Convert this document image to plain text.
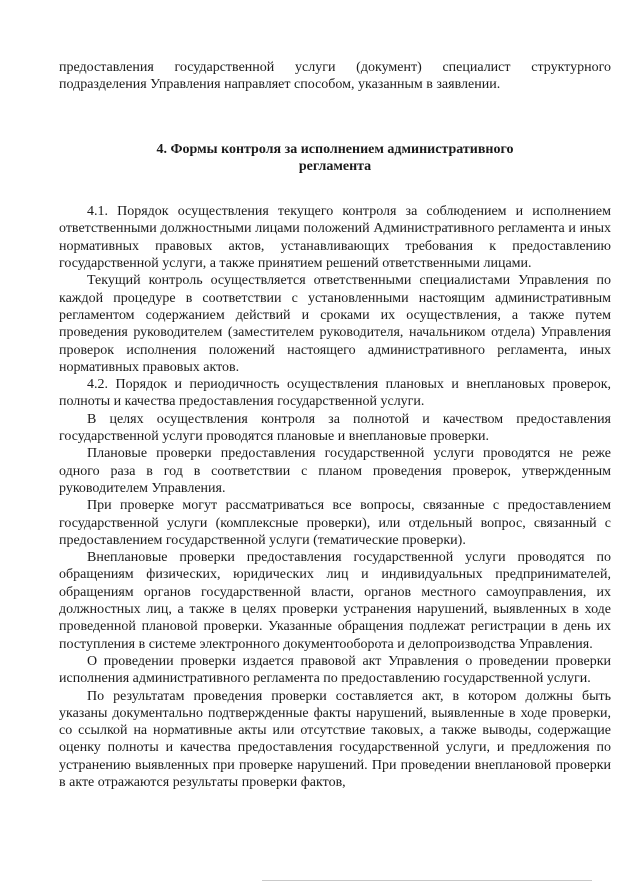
предоставления государственной услуги (документ) специалист структурного подразделения Управления направляет способом, указанным в заявлении.

4. Формы контроля за исполнением административного
регламента

4.1. Порядок осуществления текущего контроля за соблюдением и исполнением ответственными должностными лицами положений Административного регламента и иных нормативных правовых актов, устанавливающих требования к предоставлению государственной услуги, а также принятием решений ответственными лицами.

Текущий контроль осуществляется ответственными специалистами Управления по каждой процедуре в соответствии с установленными настоящим административным регламентом содержанием действий и сроками их осуществления, а также путем проведения руководителем (заместителем руководителя, начальником отдела) Управления проверок исполнения положений настоящего административного регламента, иных нормативных правовых актов.

4.2. Порядок и периодичность осуществления плановых и внеплановых проверок, полноты и качества предоставления государственной услуги.

В целях осуществления контроля за полнотой и качеством предоставления государственной услуги проводятся плановые и внеплановые проверки.

Плановые проверки предоставления государственной услуги проводятся не реже одного раза в год в соответствии с планом проведения проверок, утвержденным руководителем Управления.

При проверке могут рассматриваться все вопросы, связанные с предоставлением государственной услуги (комплексные проверки), или отдельный вопрос, связанный с предоставлением государственной услуги (тематические проверки).

Внеплановые проверки предоставления государственной услуги проводятся по обращениям физических, юридических лиц и индивидуальных предпринимателей, обращениям органов государственной власти, органов местного самоуправления, их должностных лиц, а также в целях проверки устранения нарушений, выявленных в ходе проведенной плановой проверки. Указанные обращения подлежат регистрации в день их поступления в системе электронного документооборота и делопроизводства Управления.

О проведении проверки издается правовой акт Управления о проведении проверки исполнения административного регламента по предоставлению государственной услуги.

По результатам проведения проверки составляется акт, в котором должны быть указаны документально подтвержденные факты нарушений, выявленные в ходе проверки, со ссылкой на нормативные акты или отсутствие таковых, а также выводы, содержащие оценку полноты и качества предоставления государственной услуги, и предложения по устранению выявленных при проверке нарушений. При проведении внеплановой проверки в акте отражаются результаты проверки фактов,
